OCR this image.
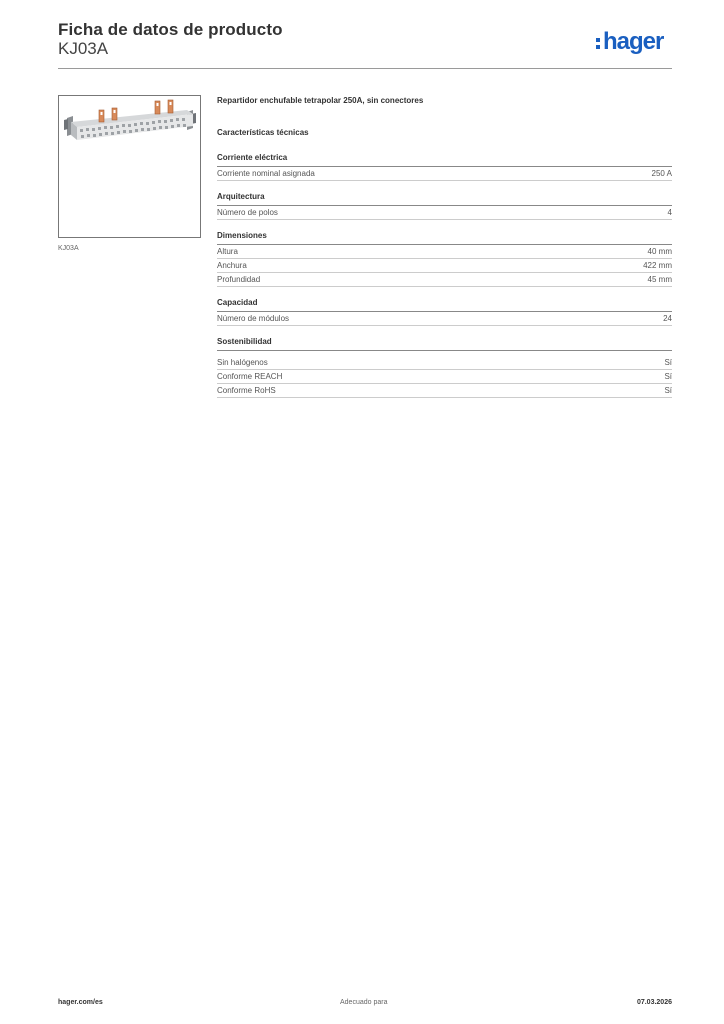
Ficha de datos de producto
KJ03A	hager
KJ03A
Repartidor enchufable tetrapolar 250A, sin conectores
Características técnicas
Corriente eléctrica
Corriente nominal asignada	250 A
Arquitectura
Número de polos	4
Dimensiones
Altura	40 mm
Anchura	422 mm
Profundidad	45 mm
Capacidad
Número de módulos	24
Sostenibilidad
Sin halógenos	Sí
Conforme REACH	Sí
Conforme RoHS	Sí
hager.com/es	Adecuado para	07.03.2026
